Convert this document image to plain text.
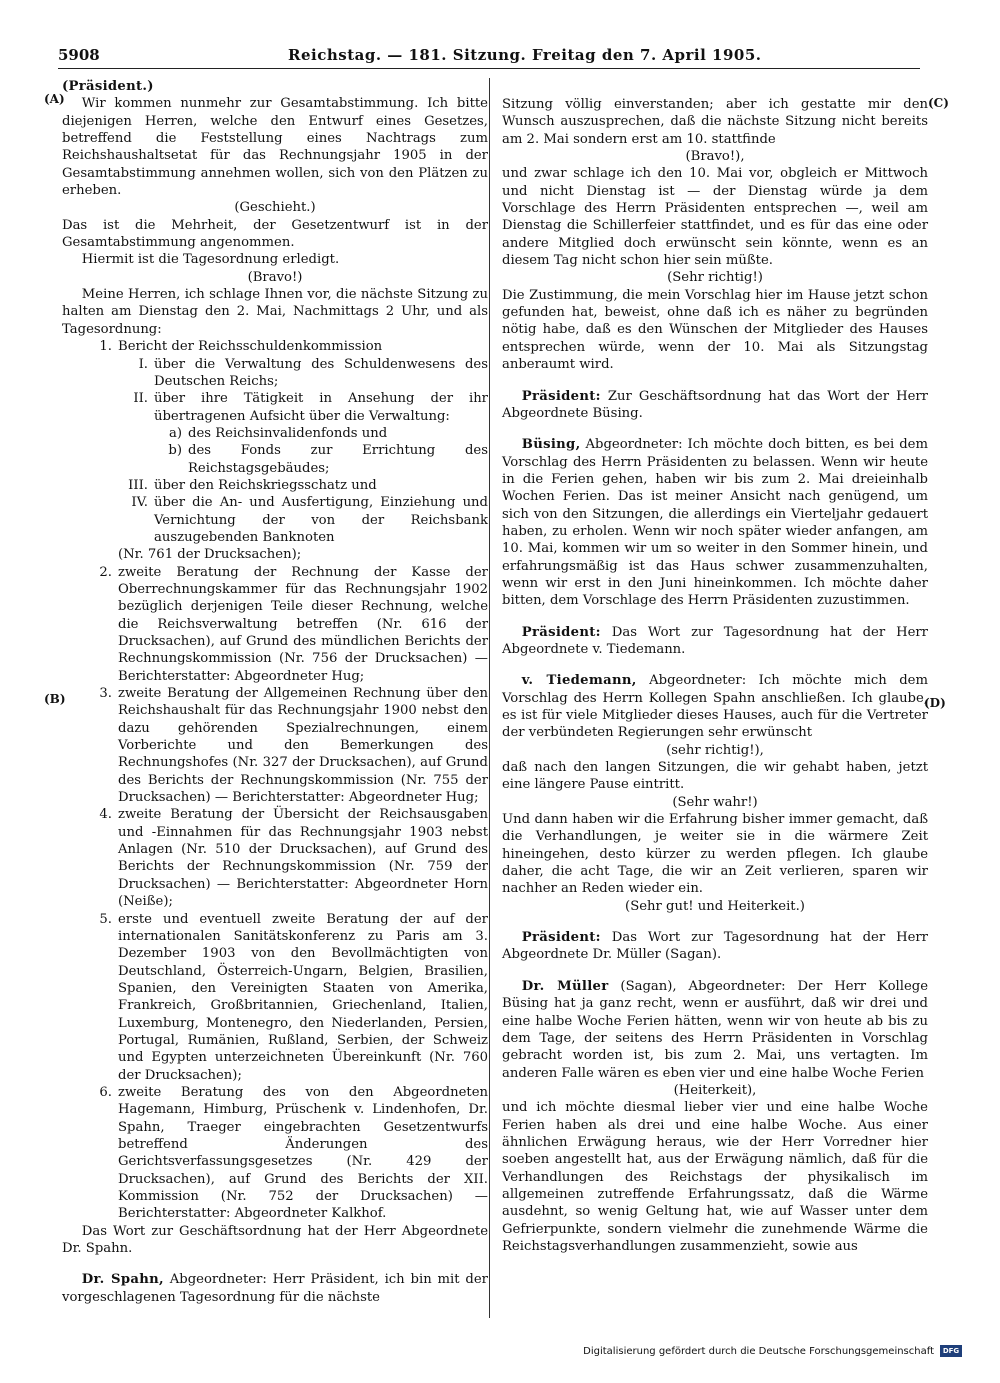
5908	Reichstag. — 181. Sitzung. Freitag den 7. April 1905.
(A)
(B)
(C)
(D)

(Präsident.)

Wir kommen nunmehr zur Gesamtabstimmung. Ich bitte diejenigen Herren, welche den Entwurf eines Gesetzes, betreffend die Feststellung eines Nachtrags zum Reichshaushaltsetat für das Rechnungsjahr 1905 in der Gesamtabstimmung annehmen wollen, sich von den Plätzen zu erheben.

(Geschieht.)

Das ist die Mehrheit, der Gesetzentwurf ist in der Gesamtabstimmung angenommen.

Hiermit ist die Tagesordnung erledigt.

(Bravo!)

Meine Herren, ich schlage Ihnen vor, die nächste Sitzung zu halten am Dienstag den 2. Mai, Nachmittags 2 Uhr, und als Tagesordnung:

1. Bericht der Reichsschuldenkommission
I. über die Verwaltung des Schuldenwesens des Deutschen Reichs;
II. über ihre Tätigkeit in Ansehung der ihr übertragenen Aufsicht über die Verwaltung:
a) des Reichsinvalidenfonds und
b) des Fonds zur Errichtung des Reichstagsgebäudes;
III. über den Reichskriegsschatz und
IV. über die An- und Ausfertigung, Einziehung und Vernichtung der von der Reichsbank auszugebenden Banknoten

(Nr. 761 der Drucksachen);

2. zweite Beratung der Rechnung der Kasse der Oberrechnungskammer für das Rechnungsjahr 1902 bezüglich derjenigen Teile dieser Rechnung, welche die Reichsverwaltung betreffen (Nr. 616 der Drucksachen), auf Grund des mündlichen Berichts der Rechnungskommission (Nr. 756 der Drucksachen) — Berichterstatter: Abgeordneter Hug;
3. zweite Beratung der Allgemeinen Rechnung über den Reichshaushalt für das Rechnungsjahr 1900 nebst den dazu gehörenden Spezialrechnungen, einem Vorberichte und den Bemerkungen des Rechnungshofes (Nr. 327 der Drucksachen), auf Grund des Berichts der Rechnungskommission (Nr. 755 der Drucksachen) — Berichterstatter: Abgeordneter Hug;
4. zweite Beratung der Übersicht der Reichsausgaben und -Einnahmen für das Rechnungsjahr 1903 nebst Anlagen (Nr. 510 der Drucksachen), auf Grund des Berichts der Rechnungskommission (Nr. 759 der Drucksachen) — Berichterstatter: Abgeordneter Horn (Neiße);
5. erste und eventuell zweite Beratung der auf der internationalen Sanitätskonferenz zu Paris am 3. Dezember 1903 von den Bevollmächtigten von Deutschland, Österreich-Ungarn, Belgien, Brasilien, Spanien, den Vereinigten Staaten von Amerika, Frankreich, Großbritannien, Griechenland, Italien, Luxemburg, Montenegro, den Niederlanden, Persien, Portugal, Rumänien, Rußland, Serbien, der Schweiz und Egypten unterzeichneten Übereinkunft (Nr. 760 der Drucksachen);
6. zweite Beratung des von den Abgeordneten Hagemann, Himburg, Prüschenk v. Lindenhofen, Dr. Spahn, Traeger eingebrachten Gesetzentwurfs betreffend Änderungen des Gerichtsverfassungsgesetzes (Nr. 429 der Drucksachen), auf Grund des Berichts der XII. Kommission (Nr. 752 der Drucksachen) — Berichterstatter: Abgeordneter Kalkhof.

Das Wort zur Geschäftsordnung hat der Herr Abgeordnete Dr. Spahn.

Dr. Spahn, Abgeordneter: Herr Präsident, ich bin mit der vorgeschlagenen Tagesordnung für die nächste

Sitzung völlig einverstanden; aber ich gestatte mir den Wunsch auszusprechen, daß die nächste Sitzung nicht bereits am 2. Mai sondern erst am 10. stattfinde

(Bravo!),

und zwar schlage ich den 10. Mai vor, obgleich er Mittwoch und nicht Dienstag ist — der Dienstag würde ja dem Vorschlage des Herrn Präsidenten entsprechen —, weil am Dienstag die Schillerfeier stattfindet, und es für das eine oder andere Mitglied doch erwünscht sein könnte, wenn es an diesem Tag nicht schon hier sein müßte.

(Sehr richtig!)

Die Zustimmung, die mein Vorschlag hier im Hause jetzt schon gefunden hat, beweist, ohne daß ich es näher zu begründen nötig habe, daß es den Wünschen der Mitglieder des Hauses entsprechen würde, wenn der 10. Mai als Sitzungstag anberaumt wird.

Präsident: Zur Geschäftsordnung hat das Wort der Herr Abgeordnete Büsing.

Büsing, Abgeordneter: Ich möchte doch bitten, es bei dem Vorschlag des Herrn Präsidenten zu belassen. Wenn wir heute in die Ferien gehen, haben wir bis zum 2. Mai dreieinhalb Wochen Ferien. Das ist meiner Ansicht nach genügend, um sich von den Sitzungen, die allerdings ein Vierteljahr gedauert haben, zu erholen. Wenn wir noch später wieder anfangen, am 10. Mai, kommen wir um so weiter in den Sommer hinein, und erfahrungsmäßig ist das Haus schwer zusammenzuhalten, wenn wir erst in den Juni hineinkommen. Ich möchte daher bitten, dem Vorschlage des Herrn Präsidenten zuzustimmen.

Präsident: Das Wort zur Tagesordnung hat der Herr Abgeordnete v. Tiedemann.

v. Tiedemann, Abgeordneter: Ich möchte mich dem Vorschlag des Herrn Kollegen Spahn anschließen. Ich glaube, es ist für viele Mitglieder dieses Hauses, auch für die Vertreter der verbündeten Regierungen sehr erwünscht

(sehr richtig!),

daß nach den langen Sitzungen, die wir gehabt haben, jetzt eine längere Pause eintritt.

(Sehr wahr!)

Und dann haben wir die Erfahrung bisher immer gemacht, daß die Verhandlungen, je weiter sie in die wärmere Zeit hineingehen, desto kürzer zu werden pflegen. Ich glaube daher, die acht Tage, die wir an Zeit verlieren, sparen wir nachher an Reden wieder ein.

(Sehr gut! und Heiterkeit.)

Präsident: Das Wort zur Tagesordnung hat der Herr Abgeordnete Dr. Müller (Sagan).

Dr. Müller (Sagan), Abgeordneter: Der Herr Kollege Büsing hat ja ganz recht, wenn er ausführt, daß wir drei und eine halbe Woche Ferien hätten, wenn wir von heute ab bis zu dem Tage, der seitens des Herrn Präsidenten in Vorschlag gebracht worden ist, bis zum 2. Mai, uns vertagten. Im anderen Falle wären es eben vier und eine halbe Woche Ferien

(Heiterkeit),

und ich möchte diesmal lieber vier und eine halbe Woche Ferien haben als drei und eine halbe Woche. Aus einer ähnlichen Erwägung heraus, wie der Herr Vorredner hier soeben angestellt hat, aus der Erwägung nämlich, daß für die Verhandlungen des Reichstags der physikalisch im allgemeinen zutreffende Erfahrungssatz, daß die Wärme ausdehnt, so wenig Geltung hat, wie auf Wasser unter dem Gefrierpunkte, sondern vielmehr die zunehmende Wärme die Reichstagsverhandlungen zusammenzieht, sowie aus

Digitalisierung gefördert durch die Deutsche Forschungsgemeinschaft	DFG
